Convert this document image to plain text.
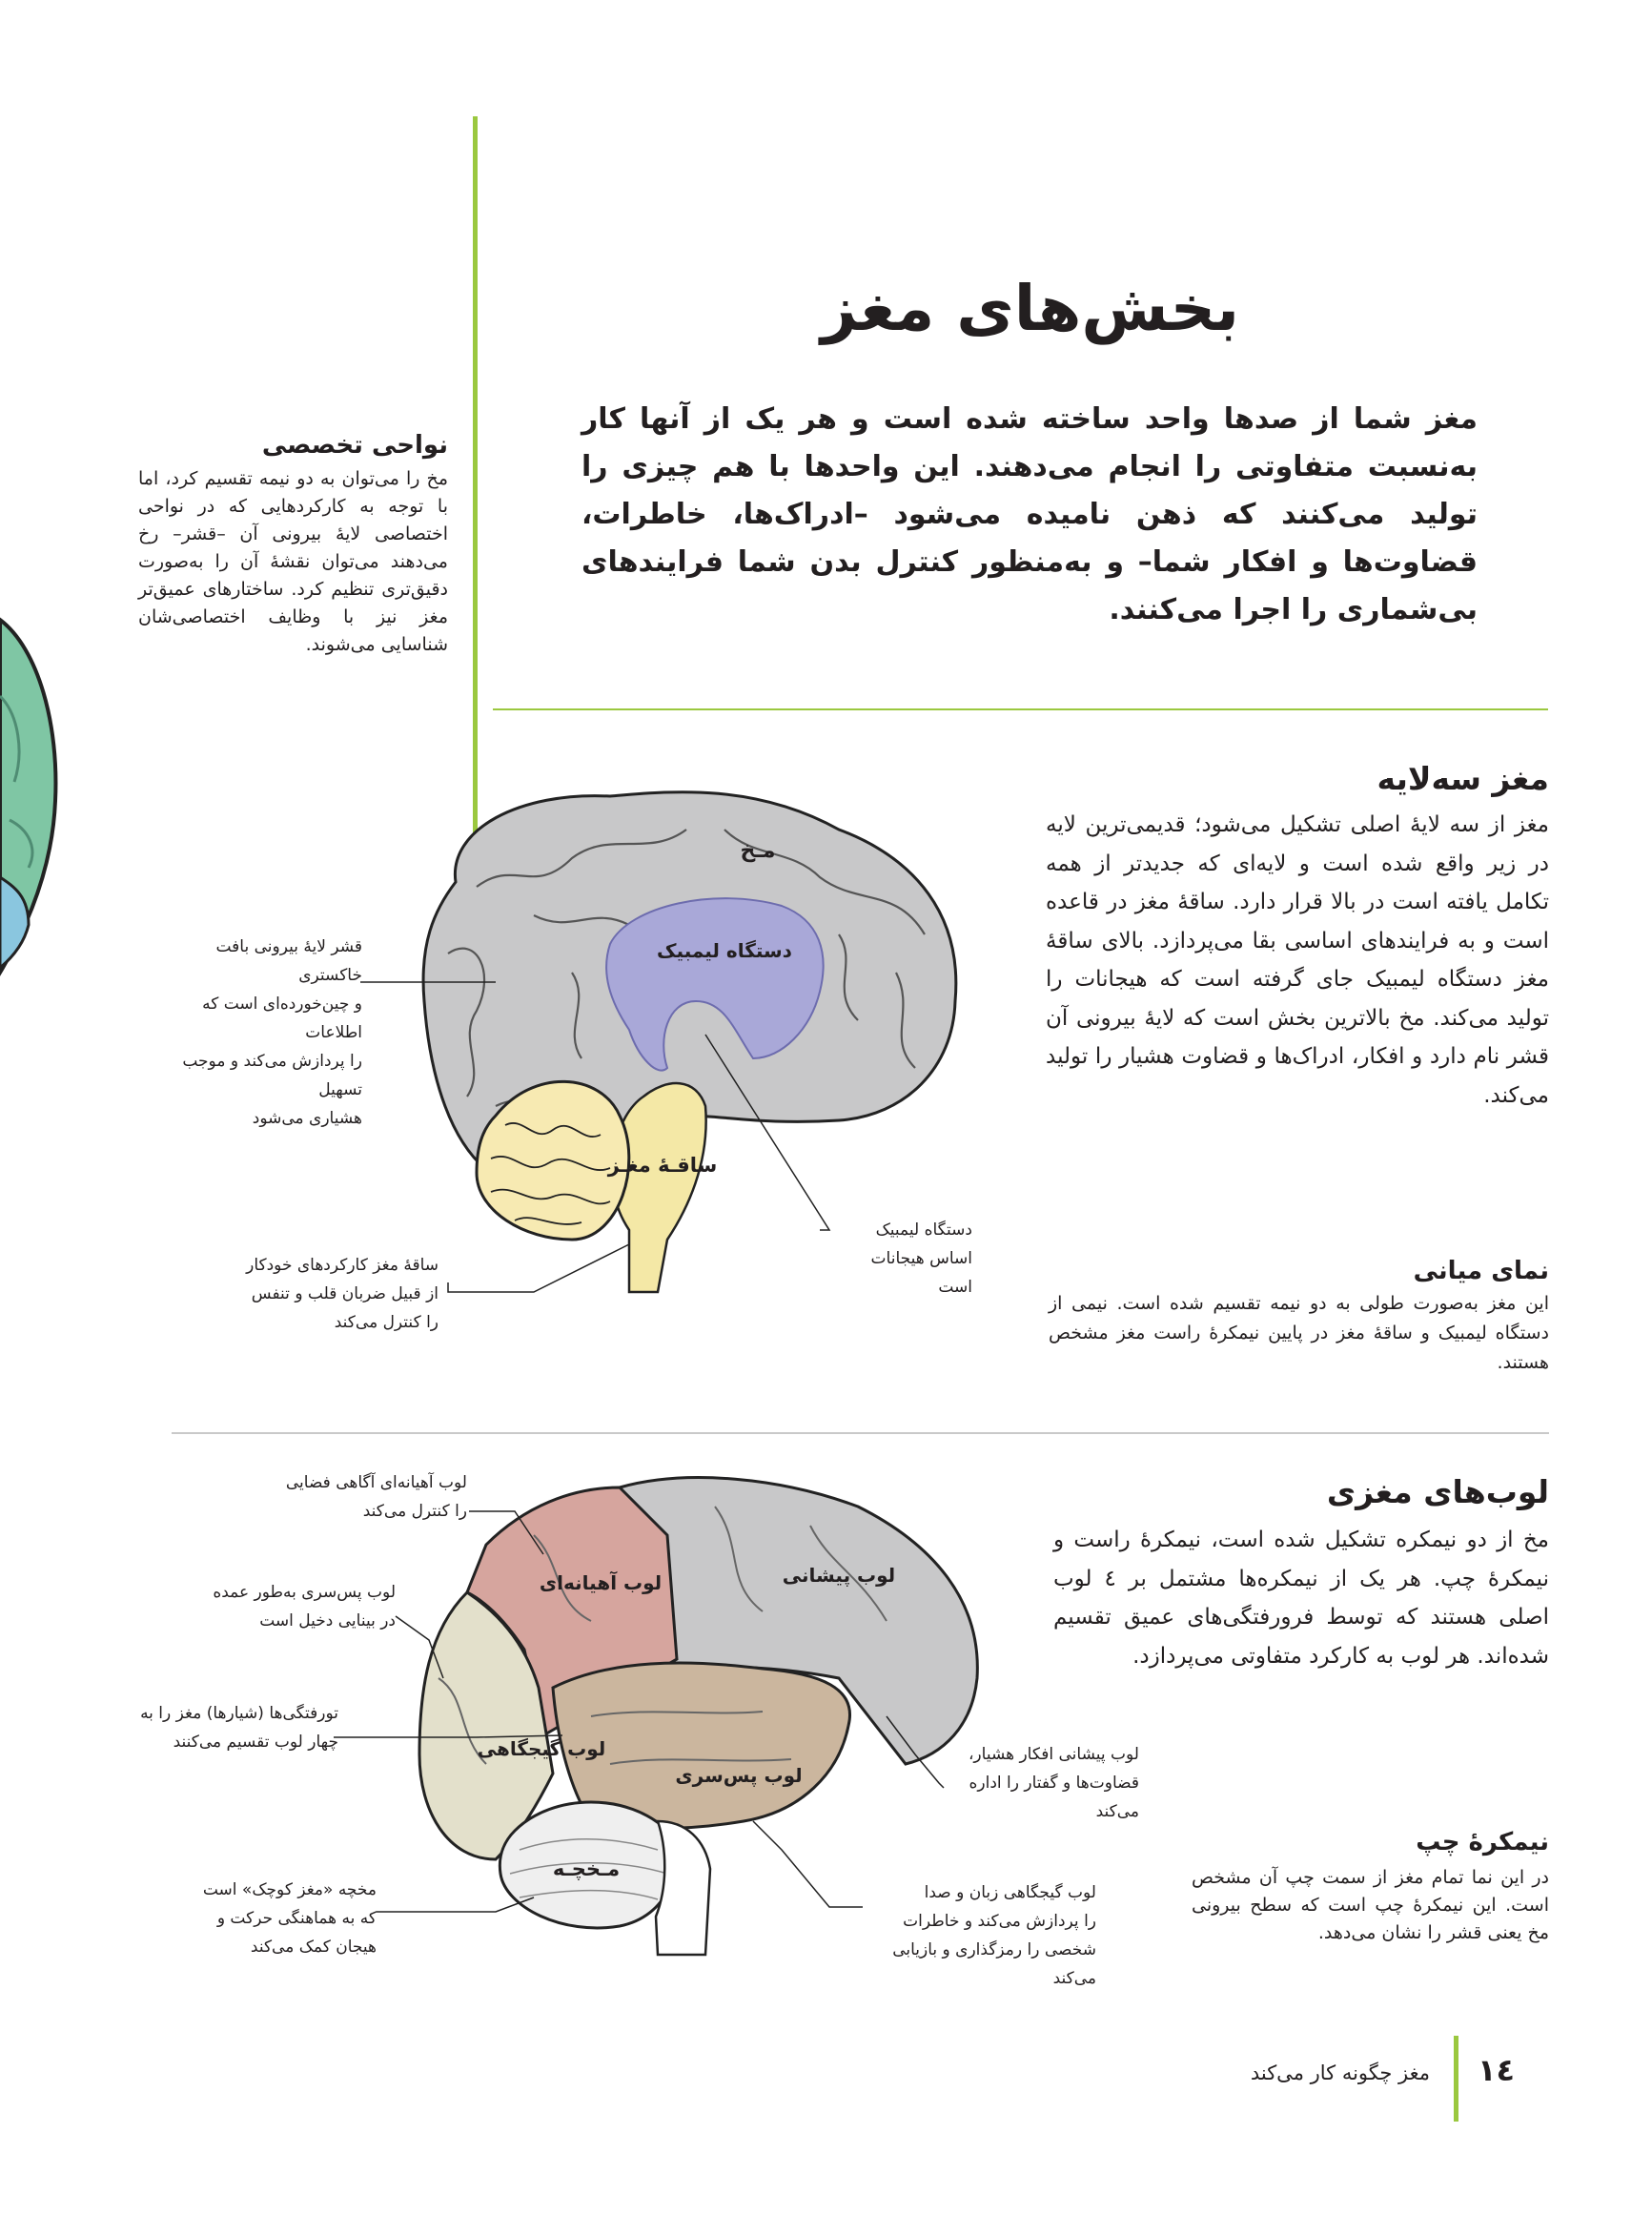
بخش‌های مغز
مغز شما از صدها واحد ساخته شده است و هر یک از آنها کار به‌نسبت متفاوتی را انجام می‌دهند. این واحدها با هم چیزی را تولید می‌کنند که ذهن نامیده می‌شود –ادراک‌ها، خاطرات، قضاوت‌ها و افکار شما– و به‌منظور کنترل بدن شما فرایندهای بی‌شماری را اجرا می‌کنند.
نواحی تخصصی
مخ را می‌توان به دو نیمه تقسیم کرد، اما با توجه به کارکردهایی که در نواحی اختصاصی لایهٔ بیرونی آن –قشر– رخ می‌دهند می‌توان نقشهٔ آن را به‌صورت دقیق‌تری تنظیم کرد. ساختارهای عمیق‌تر مغز نیز با وظایف اختصاصی‌شان شناسایی می‌شوند.
مغز سه‌لایه
مغز از سه لایهٔ اصلی تشکیل می‌شود؛ قدیمی‌ترین لایه در زیر واقع شده است و لایه‌ای که جدیدتر از همه تکامل یافته است در بالا قرار دارد. ساقهٔ مغز در قاعده است و به فرایندهای اساسی بقا می‌پردازد. بالای ساقهٔ مغز دستگاه لیمبیک جای گرفته است که هیجانات را تولید می‌کند. مخ بالاترین بخش است که لایهٔ بیرونی آن قشر نام دارد و افکار، ادراک‌ها و قضاوت هشیار را تولید می‌کند.
نمای میانی
این مغز به‌صورت طولی به دو نیمه تقسیم شده است. نیمی از دستگاه لیمبیک و ساقهٔ مغز در پایین نیمکرهٔ راست مغز مشخص هستند.
مـخ
دستگاه لیمبیک
ساقـهٔ مغـز
قشر لایهٔ بیرونی بافت خاکستری
و چین‌خورده‌ای است که اطلاعات
را پردازش می‌کند و موجب تسهیل
هشیاری می‌شود
ساقهٔ مغز کارکردهای خودکار
از قبیل ضربان قلب و تنفس
را کنترل می‌کند
دستگاه لیمبیک
اساس هیجانات
است
لوب‌های مغزی
مخ از دو نیمکره تشکیل شده است، نیمکرهٔ راست و نیمکرهٔ چپ. هر یک از نیمکره‌ها مشتمل بر ٤ لوب اصلی هستند که توسط فرورفتگی‌های عمیق تقسیم شده‌اند. هر لوب به کارکرد متفاوتی می‌پردازد.
نیمکرهٔ چپ
در این نما تمام مغز از سمت چپ آن مشخص است. این نیمکرهٔ چپ است که سطح بیرونی مخ یعنی قشر را نشان می‌دهد.
لوب آهیانه‌ای	لوب پیشانی
لوب گیجگاهی
لوب پس‌سری
مـخچـه
لوب آهیانه‌ای آگاهی فضایی
را کنترل می‌کند
لوب پس‌سری به‌طور عمده
در بینایی دخیل است
تورفتگی‌ها (شیارها) مغز را به
چهار لوب تقسیم می‌کنند
مخچه «مغز کوچک» است
که به هماهنگی حرکت و
هیجان کمک می‌کند
لوب پیشانی افکار هشیار،
قضاوت‌ها و گفتار را اداره
می‌کند
لوب گیجگاهی زبان و صدا
را پردازش می‌کند و خاطرات
شخصی را رمزگذاری و بازیابی
می‌کند
١٤
مغز چگونه کار می‌کند
